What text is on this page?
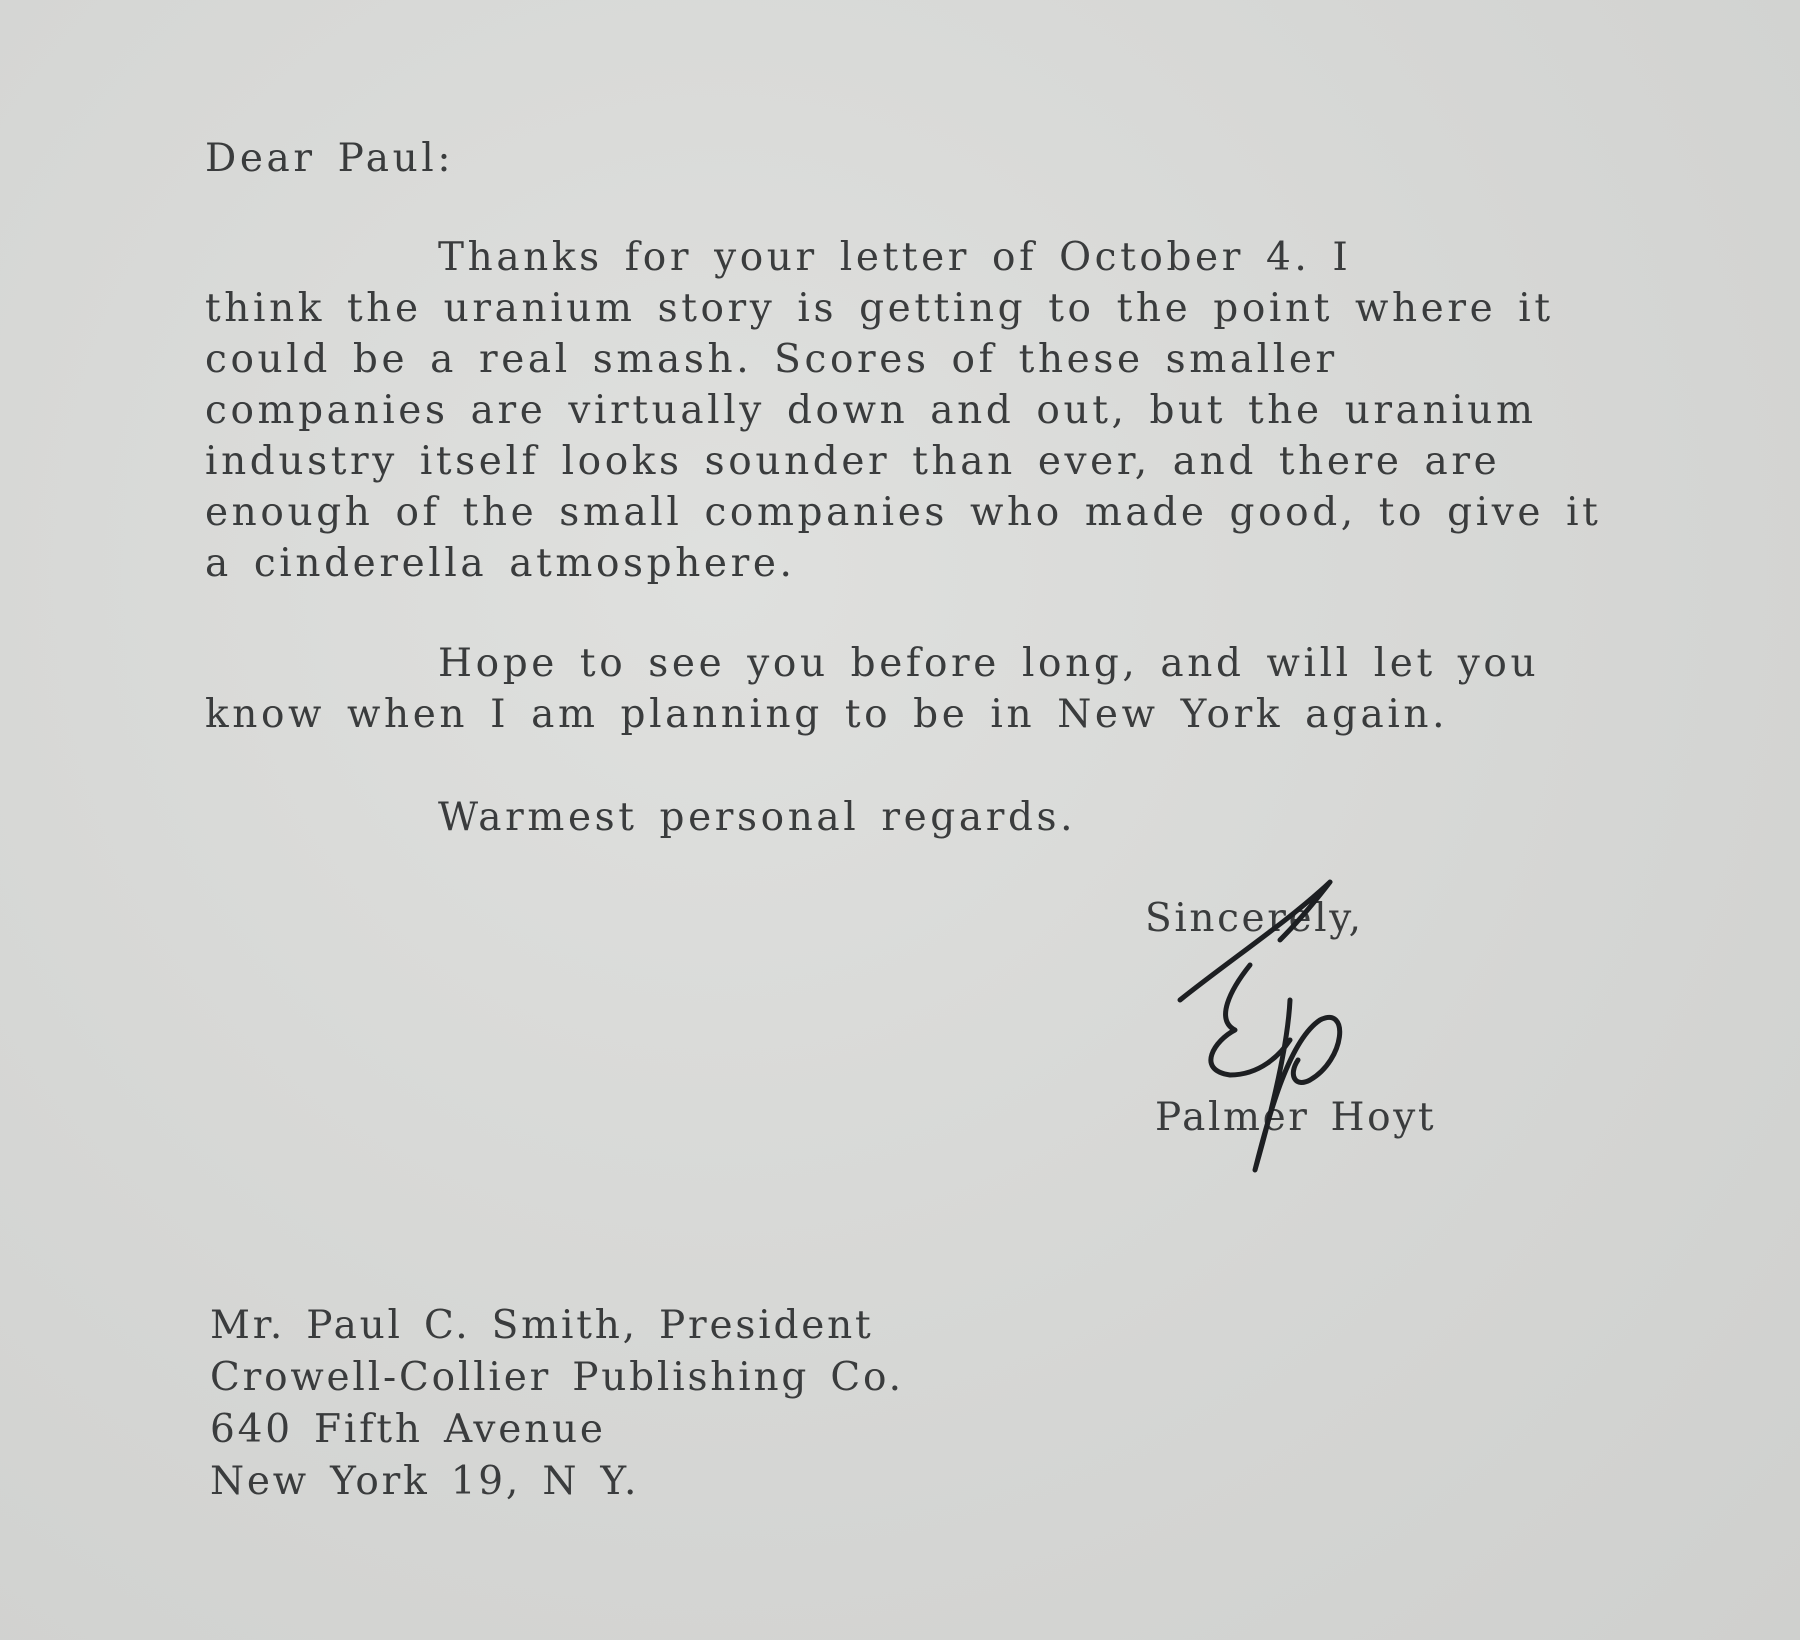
Dear Paul:
Thanks for your letter of October 4. I
think the uranium story is getting to the point where it
could be a real smash. Scores of these smaller
companies are virtually down and out, but the uranium
industry itself looks sounder than ever, and there are
enough of the small companies who made good, to give it
a cinderella atmosphere.
Hope to see you before long, and will let you
know when I am planning to be in New York again.
Warmest personal regards.
Sincerely,
Palmer Hoyt
Mr. Paul C. Smith, President
Crowell-Collier Publishing Co.
640 Fifth Avenue
New York 19, N Y.
